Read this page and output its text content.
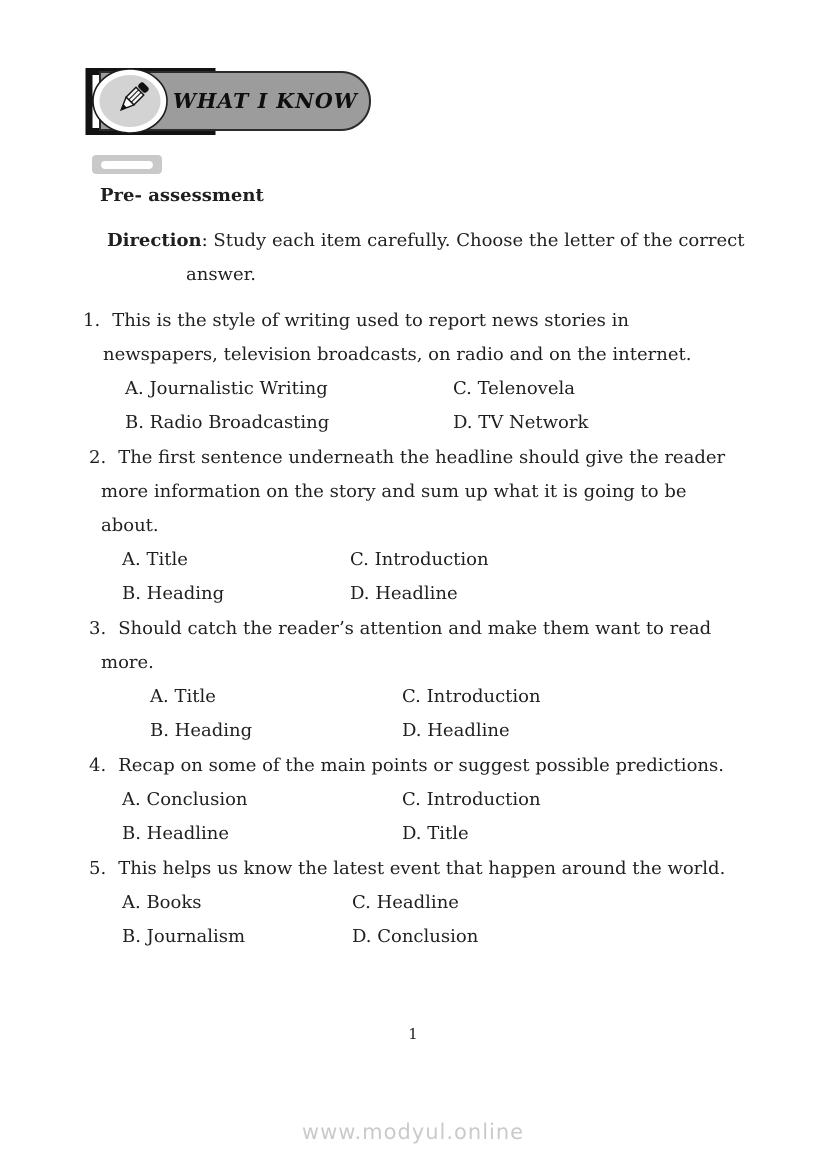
WHAT I KNOW
Pre- assessment
Direction: Study each item carefully. Choose the letter of the correct
answer.
1. This is the style of writing used to report news stories in
newspapers, television broadcasts, on radio and on the internet.
A. Journalistic Writing	C. Telenovela
B. Radio Broadcasting	D. TV Network
2. The first sentence underneath the headline should give the reader
more information on the story and sum up what it is going to be
about.
A. Title	C. Introduction
B. Heading	D. Headline
3. Should catch the reader’s attention and make them want to read
more.
A. Title	C. Introduction
B. Heading	D. Headline
4. Recap on some of the main points or suggest possible predictions.
A. Conclusion	C. Introduction
B. Headline	D. Title
5. This helps us know the latest event that happen around the world.
A. Books	C. Headline
B. Journalism	D. Conclusion
1
www.modyul.online
